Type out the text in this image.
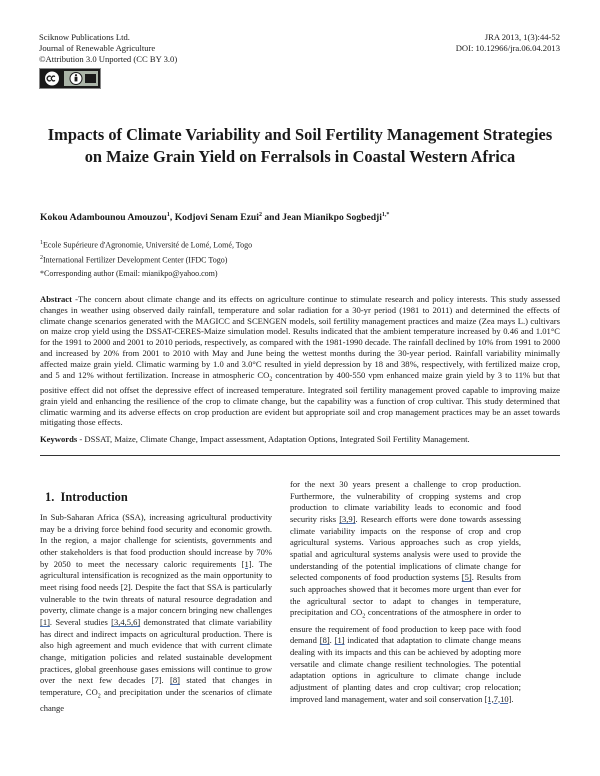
Sciknow Publications Ltd.
Journal of Renewable Agriculture
©Attribution 3.0 Unported (CC BY 3.0)
JRA 2013, 1(3):44-52
DOI: 10.12966/jra.06.04.2013
Impacts of Climate Variability and Soil Fertility Management Strategies on Maize Grain Yield on Ferralsols in Coastal Western Africa
Kokou Adambounou Amouzou$^1$, Kodjovi Senam Ezui$^2$ and Jean Mianikpo Sogbedji$^{1,*}$
$^1$Ecole Supérieure d'Agronomie, Université de Lomé, Lomé, Togo
$^2$International Fertilizer Development Center (IFDC Togo)
*Corresponding author (Email: mianikpo@yahoo.com)
Abstract -The concern about climate change and its effects on agriculture continue to stimulate research and policy interests. This study assessed changes in weather using observed daily rainfall, temperature and solar radiation for a 30-yr period (1981 to 2011) and determined the effects of climate change scenarios generated with the MAGICC and SCENGEN models, soil fertility management practices and maize (Zea mays L.) cultivars on maize crop yield using the DSSAT-CERES-Maize simulation model. Results indicated that the ambient temperature increased by 0.46 and 1.01°C for the 1991 to 2000 and 2001 to 2010 periods, respectively, as compared with the 1981-1990 decade. The rainfall declined by 10% from 1991 to 2000 and increased by 20% from 2001 to 2010 with May and June being the wettest months during the 30-year period. Rainfall variability minimally affected maize grain yield. Climatic warming by 1.0 and 3.0°C resulted in yield depression by 18 and 38%, respectively, with fertilized maize crop, and 5 and 12% without fertilization. Increase in atmospheric $CO_2$ concentration by 400-550 vpm enhanced maize grain yield by 3 to 11% but that positive effect did not offset the depressive effect of increased temperature. Integrated soil fertility management proved capable to improving maize grain yield and enhancing the resilience of the crop to climate change, but the capability was a function of crop cultivar. This study determined that climatic warming and its adverse effects on crop production are evident but appropriate soil and crop management practices may be an asset towards mitigating those effects.
Keywords - DSSAT, Maize, Climate Change, Impact assessment, Adaptation Options, Integrated Soil Fertility Management.
1. Introduction

In Sub-Saharan Africa (SSA), increasing agricultural productivity may be a driving force behind food security and economic growth. In the region, a major challenge for scientists, governments and other stakeholders is that food production should increase by 70% by 2050 to meet the necessary caloric requirements [1]. The agricultural intensification is recognized as the main opportunity to meet rising food needs [2]. Despite the fact that SSA is particularly vulnerable to the twin threats of natural resource degradation and poverty, climate change is a major concern bringing new challenges [1]. Several studies [3,4,5,6] demonstrated that climate variability has direct and indirect impacts on agricultural production. There is also high agreement and much evidence that with current climate change, mitigation policies and related sustainable development practices, global greenhouse gases emissions will continue to grow over the next few decades [7]. [8] stated that changes in temperature, $CO_2$ and precipitation under the scenarios of climate change

for the next 30 years present a challenge to crop production. Furthermore, the vulnerability of cropping systems and crop production to climate variability leads to economic and food security risks [3,9]. Research efforts were done towards assessing climate variability impacts on the response of crop and crop agricultural systems. Various approaches such as crop yields, spatial and agricultural systems analysis were used to provide the understanding of the potential implications of climate change for selected components of food production systems [5]. Results from such approaches showed that it becomes more urgent than ever for the agricultural sector to adapt to changes in temperature, precipitation and $CO_2$ concentrations of the atmosphere in order to ensure the requirement of food production to keep pace with food demand [8]. [1] indicated that adaptation to climate change means dealing with its impacts and this can be achieved by adopting more versatile and climate change resilient technologies. The potential adaptation options in agriculture to climate change include adjustment of planting dates and crop cultivar; crop relocation; improved land management, water and soil conservation [1,7,10].
